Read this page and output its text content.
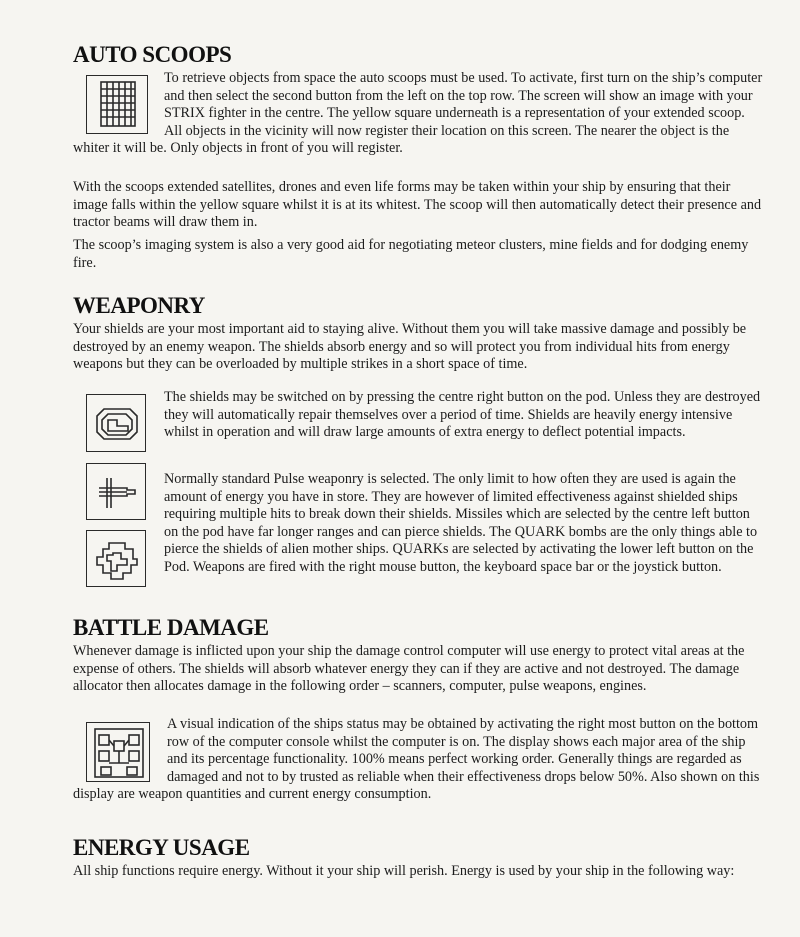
AUTO SCOOPS

To retrieve objects from space the auto scoops must be used. To activate, first turn on the ship’s computer and then select the second button from the left on the top row. The screen will show an image with your STRIX fighter in the centre. The yellow square underneath is a representation of your extended scoop. All objects in the vicinity will now register their location on this screen. The nearer the object is the whiter it will be. Only objects in front of you will register.

With the scoops extended satellites, drones and even life forms may be taken within your ship by ensuring that their image falls within the yellow square whilst it is at its whitest. The scoop will then automatically detect their presence and tractor beams will draw them in.

The scoop’s imaging system is also a very good aid for negotiating meteor clusters, mine fields and for dodging enemy fire.

WEAPONRY

Your shields are your most important aid to staying alive. Without them you will take massive damage and possibly be destroyed by an enemy weapon. The shields absorb energy and so will protect you from individual hits from energy weapons but they can be overloaded by multiple strikes in a short space of time.

The shields may be switched on by pressing the centre right button on the pod. Unless they are destroyed they will automatically repair themselves over a period of time. Shields are heavily energy intensive whilst in operation and will draw large amounts of extra energy to deflect potential impacts.

Normally standard Pulse weaponry is selected. The only limit to how often they are used is again the amount of energy you have in store. They are however of limited effectiveness against shielded ships requiring multiple hits to break down their shields. Missiles which are selected by the centre left button on the pod have far longer ranges and can pierce shields. The QUARK bombs are the only things able to pierce the shields of alien mother ships. QUARKs are selected by activating the lower left button on the Pod. Weapons are fired with the right mouse button, the keyboard space bar or the joystick button.

BATTLE DAMAGE

Whenever damage is inflicted upon your ship the damage control computer will use energy to protect vital areas at the expense of others. The shields will absorb whatever energy they can if they are active and not destroyed. The damage allocator then allocates damage in the following order – scanners, computer, pulse weapons, engines.

A visual indication of the ships status may be obtained by activating the right most button on the bottom row of the computer console whilst the computer is on. The display shows each major area of the ship and its percentage functionality. 100% means perfect working order. Generally things are regarded as damaged and not to by trusted as reliable when their effectiveness drops below 50%. Also shown on this display are weapon quantities and current energy consumption.

ENERGY USAGE

All ship functions require energy. Without it your ship will perish. Energy is used by your ship in the following way:
